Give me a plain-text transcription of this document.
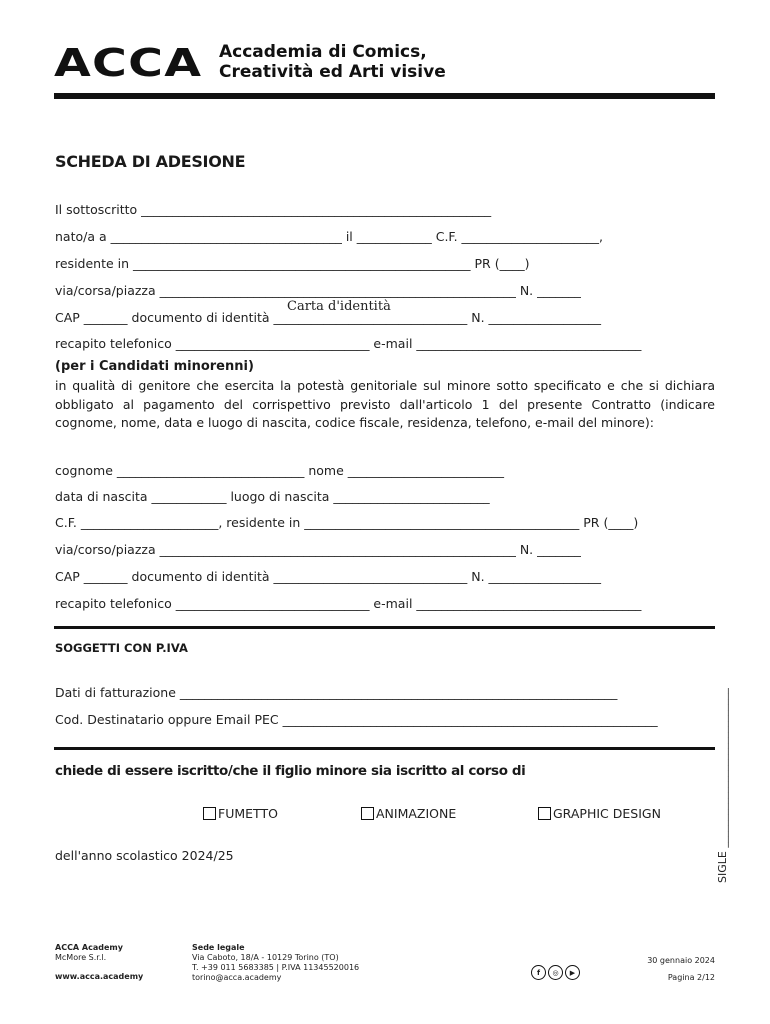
ACCA Accademia di Comics,
Creatività ed Arti visive
SCHEDA DI ADESIONE
Il sottoscritto ________________________________________________________
nato/a a _____________________________________ il ____________ C.F. ______________________,
residente in ______________________________________________________ PR (____)
via/corsa/piazza _________________________________________________________ N. _______
CAP _______ documento di identità _______________________________ N. __________________
Carta d'identità
recapito telefonico _______________________________ e-mail ____________________________________
(per i Candidati minorenni)
in qualità di genitore che esercita la potestà genitoriale sul minore sotto specificato e che si dichiara obbligato al pagamento del corrispettivo previsto dall'articolo 1 del presente Contratto (indicare cognome, nome, data e luogo di nascita, codice fiscale, residenza, telefono, e-mail del minore):
cognome ______________________________ nome _________________________
data di nascita ____________ luogo di nascita _________________________
C.F. ______________________, residente in ____________________________________________ PR (____)
via/corso/piazza _________________________________________________________ N. _______
CAP _______ documento di identità _______________________________ N. __________________
recapito telefonico _______________________________ e-mail ____________________________________
SOGGETTI CON P.IVA
Dati di fatturazione ______________________________________________________________________
Cod. Destinatario oppure Email PEC ____________________________________________________________
chiede di essere iscritto/che il figlio minore sia iscritto al corso di
FUMETTO	ANIMAZIONE	GRAPHIC DESIGN
dell'anno scolastico 2024/25	SIGLE _____________________________
ACCA Academy
McMore S.r.l.
www.acca.academy
Sede legale
Via Caboto, 18/A - 10129 Torino (TO)
T. +39 011 5683385 | P.IVA 11345520016
torino@acca.academy
f	◎	▶
30 gennaio 2024
Pagina 2/12
